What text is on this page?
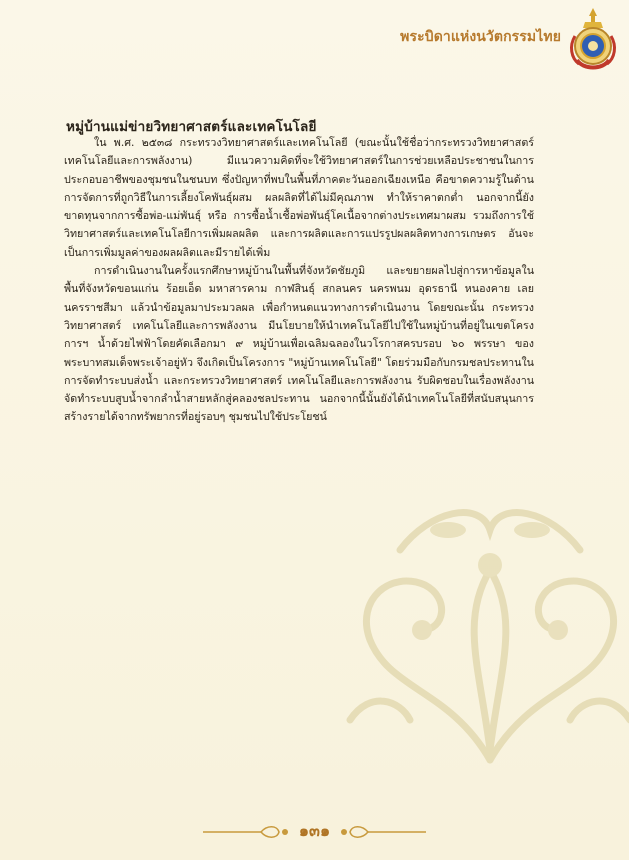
พระบิดาแห่งนวัตกรรมไทย
หมู่บ้านแม่ข่ายวิทยาศาสตร์และเทคโนโลยี

ใน พ.ศ. ๒๕๓๘ กระทรวงวิทยาศาสตร์และเทคโนโลยี (ขณะนั้นใช้ชื่อว่ากระทรวงวิทยาศาสตร์ เทคโนโลยีและการพลังงาน) มีแนวความคิดที่จะใช้วิทยาศาสตร์ในการช่วยเหลือประชาชนในการประกอบอาชีพของชุมชนในชนบท ซึ่งปัญหาที่พบในพื้นที่ภาคตะวันออกเฉียงเหนือ คือขาดความรู้ในด้านการจัดการที่ถูกวิธีในการเลี้ยงโคพันธุ์ผสม ผลผลิตที่ได้ไม่มีคุณภาพ ทำให้ราคาตกต่ำ นอกจากนี้ยังขาดทุนจากการซื้อพ่อ-แม่พันธุ์ หรือ การซื้อน้ำเชื้อพ่อพันธุ์โคเนื้อจากต่างประเทศมาผสม รวมถึงการใช้วิทยาศาสตร์และเทคโนโลยีการเพิ่มผลผลิต และการผลิตและการแปรรูปผลผลิตทางการเกษตร อันจะเป็นการเพิ่มมูลค่าของผลผลิตและมีรายได้เพิ่ม

การดำเนินงานในครั้งแรกศึกษาหมู่บ้านในพื้นที่จังหวัดชัยภูมิ และขยายผลไปสู่การหาข้อมูลในพื้นที่จังหวัดขอนแก่น ร้อยเอ็ด มหาสารคาม กาฬสินธุ์ สกลนคร นครพนม อุดรธานี หนองคาย เลย นครราชสีมา แล้วนำข้อมูลมาประมวลผล เพื่อกำหนดแนวทางการดำเนินงาน โดยขณะนั้น กระทรวงวิทยาศาสตร์ เทคโนโลยีและการพลังงาน มีนโยบายให้นำเทคโนโลยีไปใช้ในหมู่บ้านที่อยู่ในเขตโครงการฯ น้ำด้วยไฟฟ้าโดยคัดเลือกมา ๙ หมู่บ้านเพื่อเฉลิมฉลองในวโรกาสครบรอบ ๖๐ พรรษา ของพระบาทสมเด็จพระเจ้าอยู่หัว จึงเกิดเป็นโครงการ "หมู่บ้านเทคโนโลยี" โดยร่วมมือกับกรมชลประทานในการจัดทำระบบส่งน้ำ และกระทรวงวิทยาศาสตร์ เทคโนโลยีและการพลังงาน รับผิดชอบในเรื่องพลังงานจัดทำระบบสูบน้ำจากลำน้ำสายหลักสู่คลองชลประทาน นอกจากนี้นั้นยังได้นำเทคโนโลยีที่สนับสนุนการสร้างรายได้จากทรัพยากรที่อยู่รอบๆ ชุมชนไปใช้ประโยชน์

๑๓๑
